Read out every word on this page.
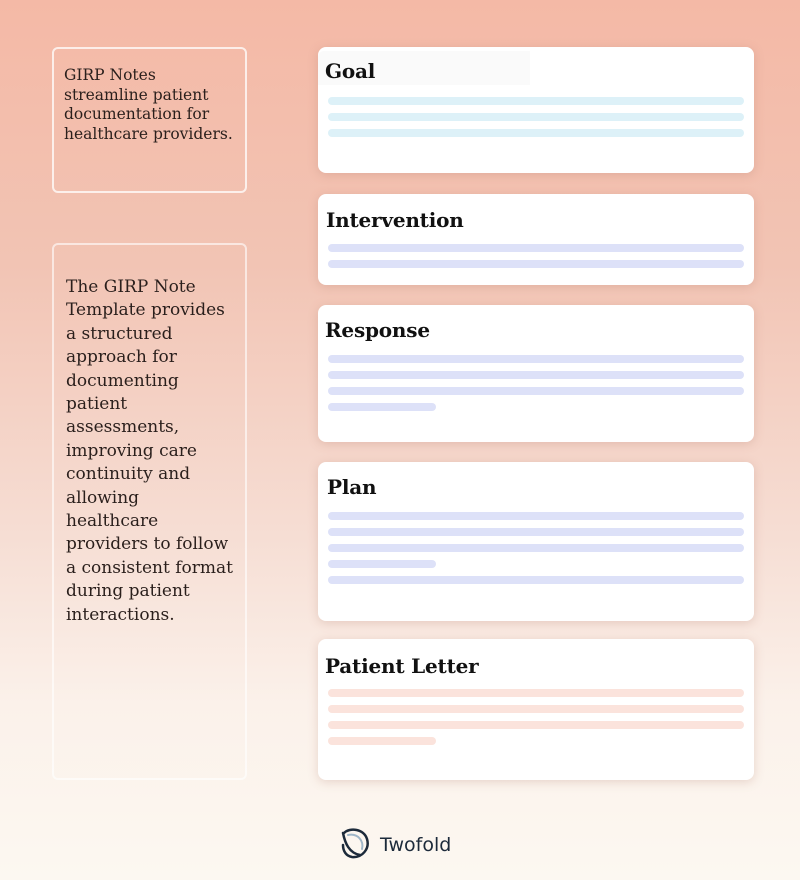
GIRP Notes streamline patient documentation for healthcare providers.
The GIRP Note Template provides a structured approach for documenting patient assessments, improving care continuity and allowing healthcare providers to follow a consistent format during patient interactions.
Goal
Intervention
Response
Plan
Patient Letter
Twofold
